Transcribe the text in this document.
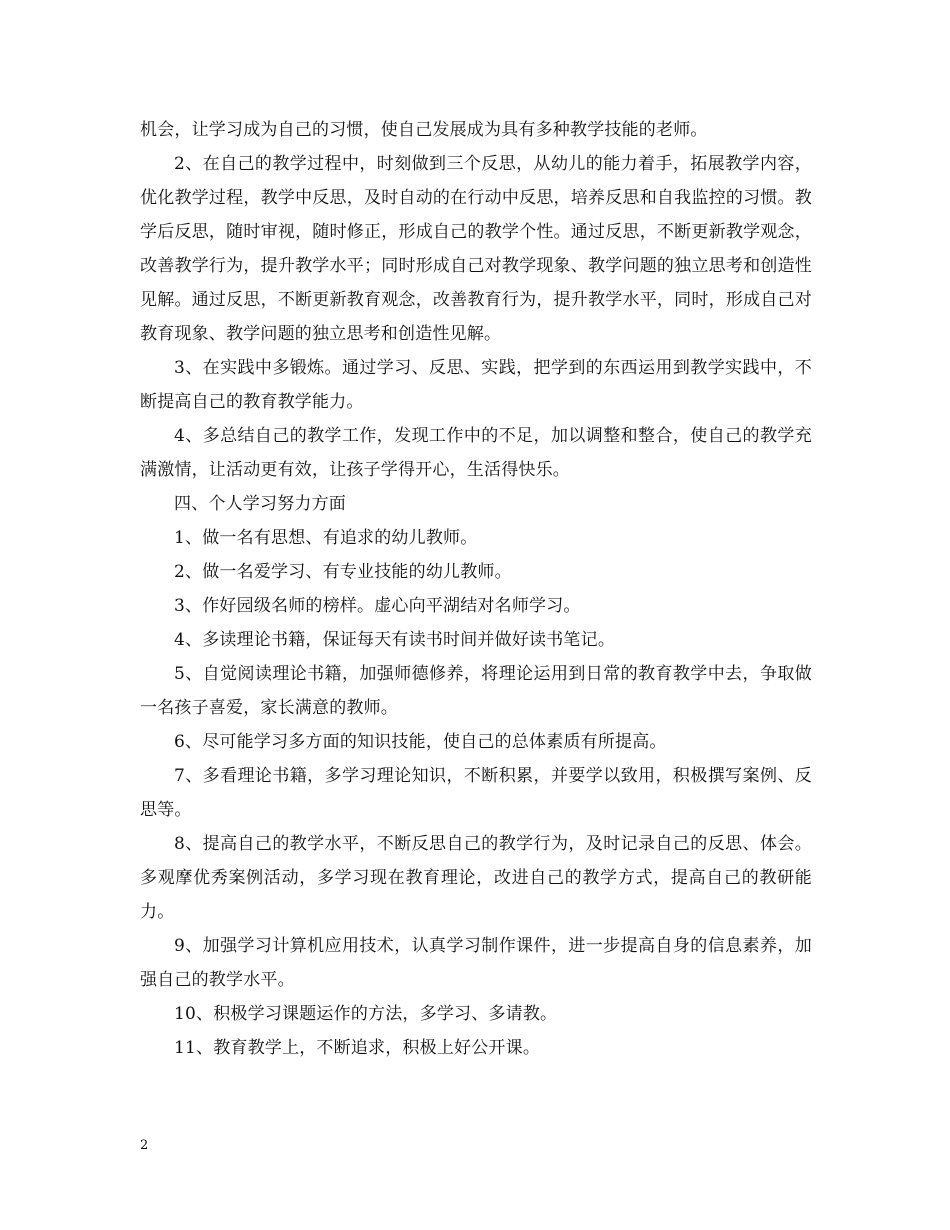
机会，让学习成为自己的习惯，使自己发展成为具有多种教学技能的老师。

2、在自己的教学过程中，时刻做到三个反思，从幼儿的能力着手，拓展教学内容，优化教学过程，教学中反思，及时自动的在行动中反思，培养反思和自我监控的习惯。教学后反思，随时审视，随时修正，形成自己的教学个性。通过反思，不断更新教学观念，改善教学行为，提升教学水平；同时形成自己对教学现象、教学问题的独立思考和创造性见解。通过反思，不断更新教育观念，改善教育行为，提升教学水平，同时，形成自己对教育现象、教学问题的独立思考和创造性见解。

3、在实践中多锻炼。通过学习、反思、实践，把学到的东西运用到教学实践中，不断提高自己的教育教学能力。

4、多总结自己的教学工作，发现工作中的不足，加以调整和整合，使自己的教学充满激情，让活动更有效，让孩子学得开心，生活得快乐。

四、个人学习努力方面

1、做一名有思想、有追求的幼儿教师。

2、做一名爱学习、有专业技能的幼儿教师。

3、作好园级名师的榜样。虚心向平湖结对名师学习。

4、多读理论书籍，保证每天有读书时间并做好读书笔记。

5、自觉阅读理论书籍，加强师德修养，将理论运用到日常的教育教学中去，争取做一名孩子喜爱，家长满意的教师。

6、尽可能学习多方面的知识技能，使自己的总体素质有所提高。

7、多看理论书籍，多学习理论知识，不断积累，并要学以致用，积极撰写案例、反思等。

8、提高自己的教学水平，不断反思自己的教学行为，及时记录自己的反思、体会。多观摩优秀案例活动，多学习现在教育理论，改进自己的教学方式，提高自己的教研能力。

9、加强学习计算机应用技术，认真学习制作课件，进一步提高自身的信息素养，加强自己的教学水平。

10、积极学习课题运作的方法，多学习、多请教。

11、教育教学上，不断追求，积极上好公开课。

2
